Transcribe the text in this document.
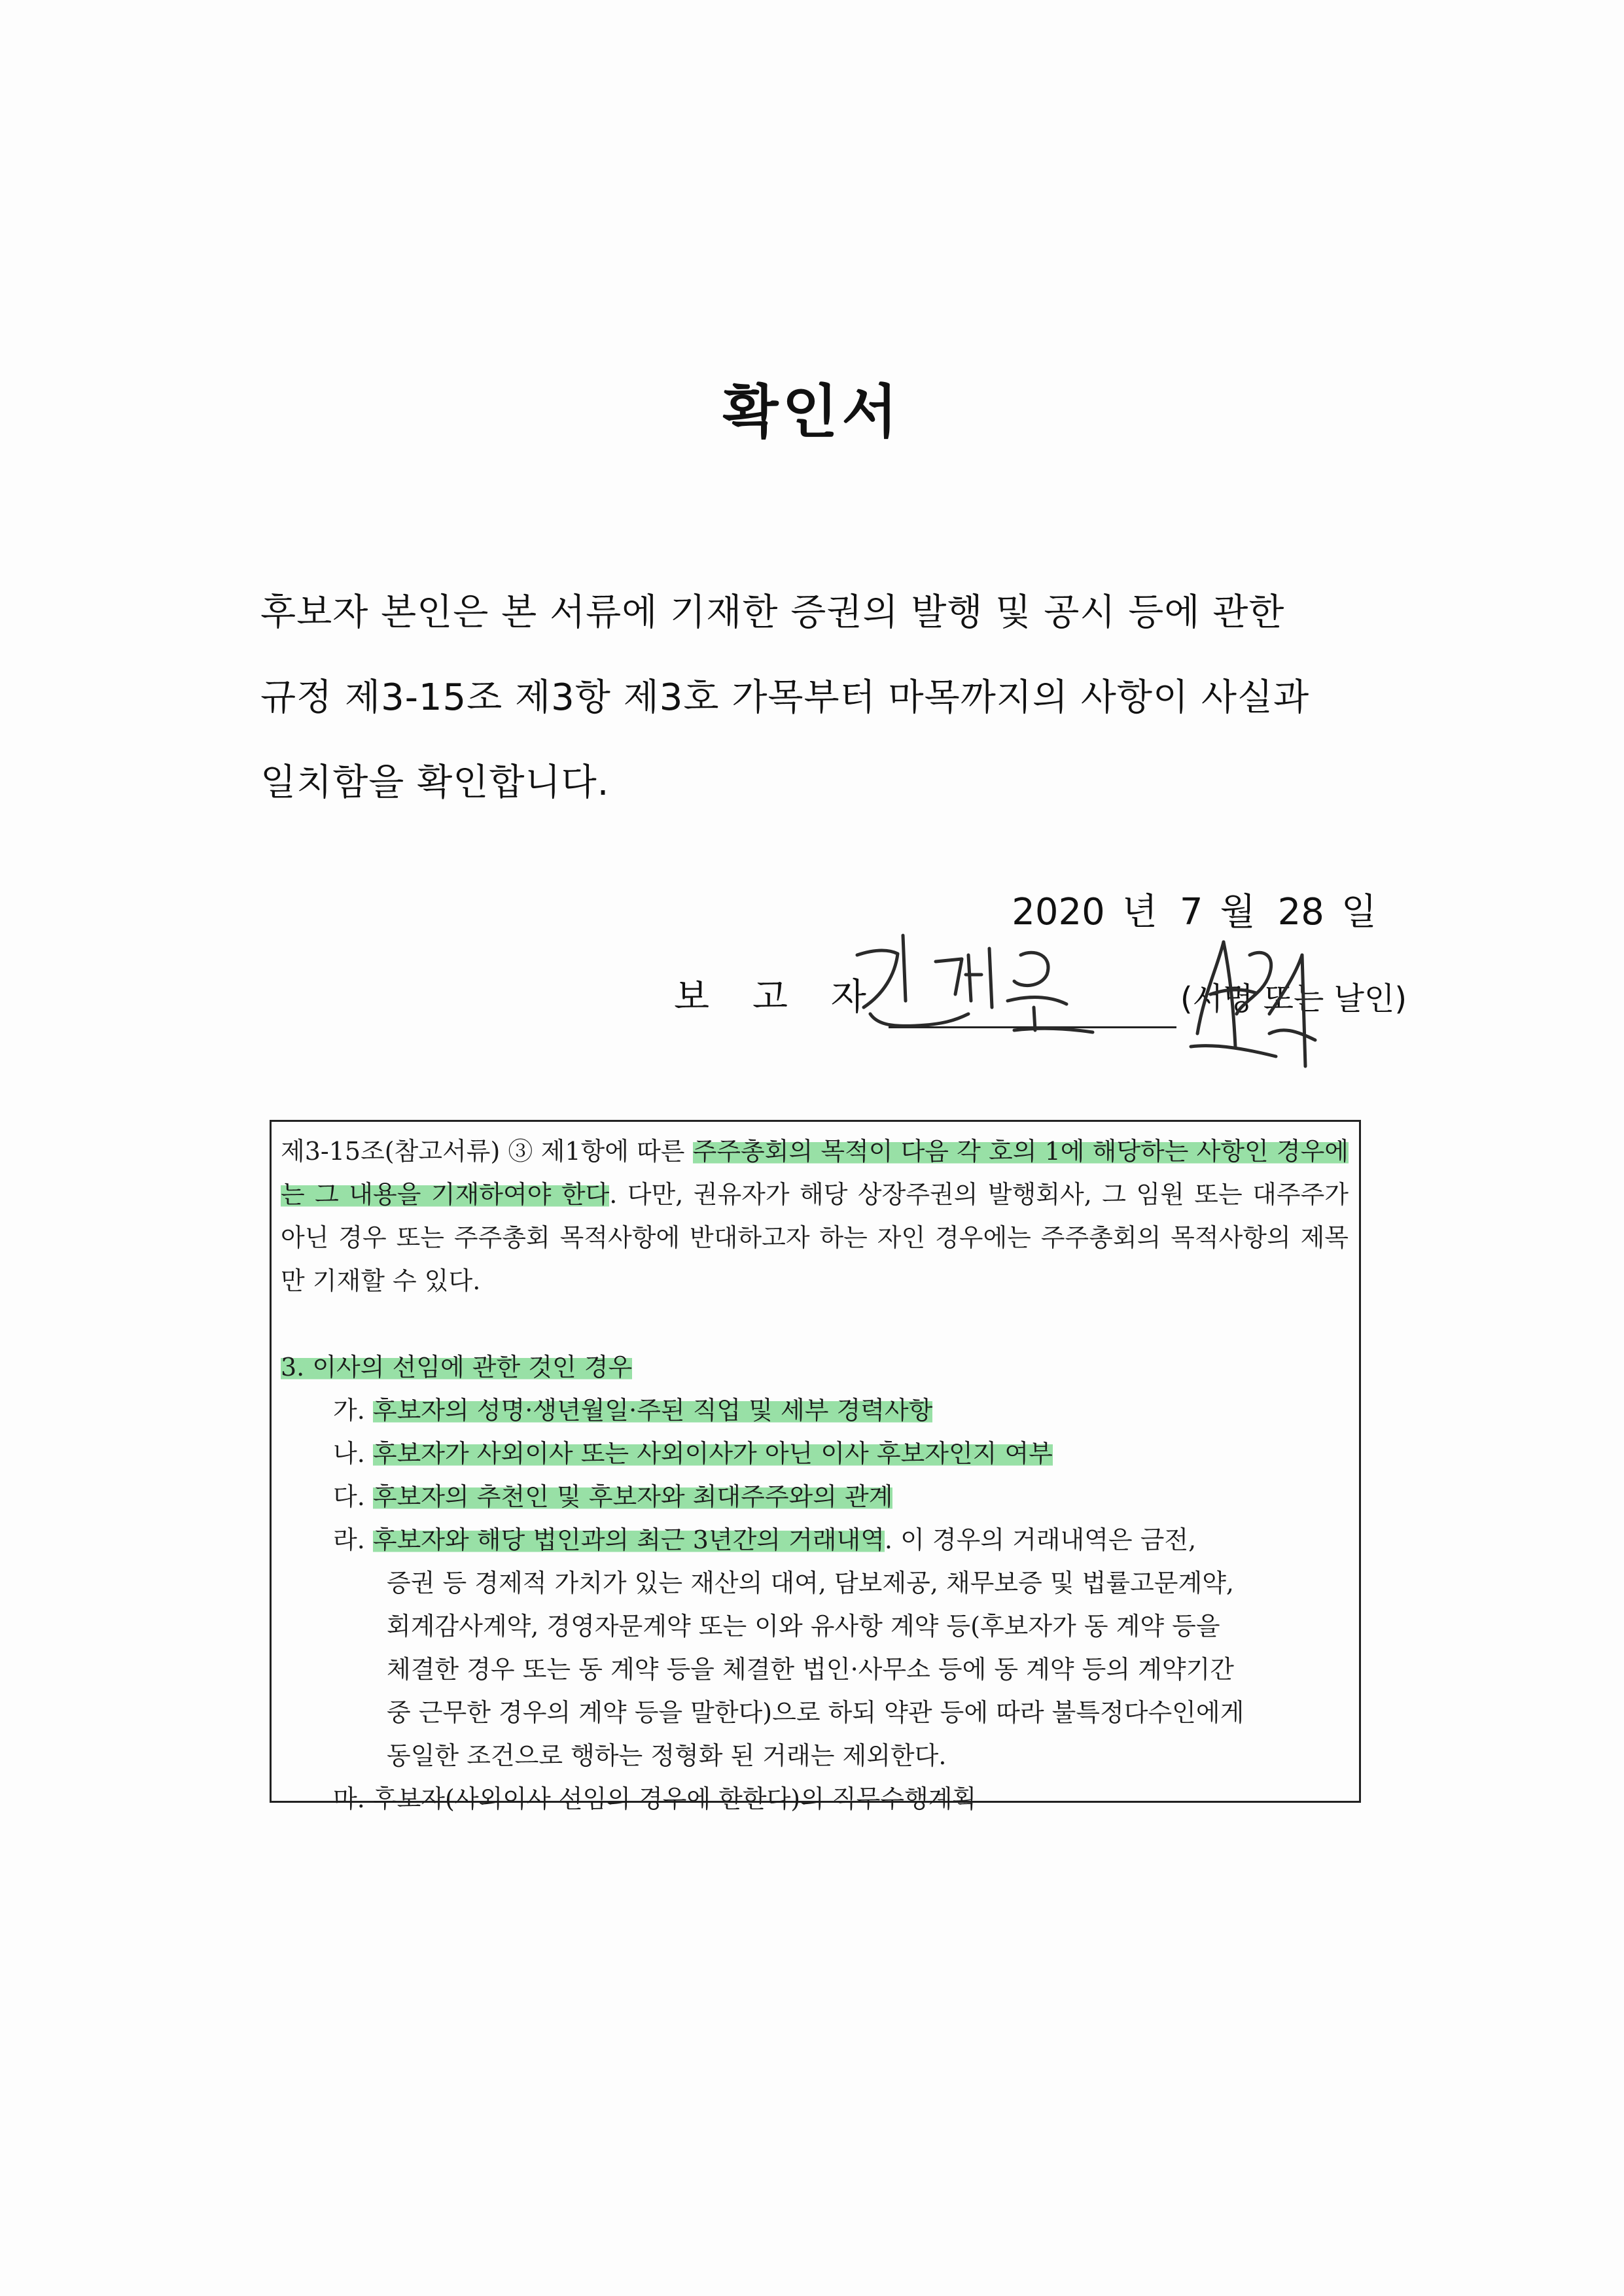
확인서
후보자 본인은 본 서류에 기재한 증권의 발행 및 공시 등에 관한
규정 제3-15조 제3항 제3호 가목부터 마목까지의 사항이 사실과
일치함을 확인합니다.
2020 년 7 월 28 일
보 고 자	(서명 또는 날인)
제3-15조(참고서류) ③ 제1항에 따른 주주총회의 목적이 다음 각 호의 1에 해당하는 사항인 경우에는 그 내용을 기재하여야 한다. 다만, 권유자가 해당 상장주권의 발행회사, 그 임원 또는 대주주가 아닌 경우 또는 주주총회 목적사항에 반대하고자 하는 자인 경우에는 주주총회의 목적사항의 제목만 기재할 수 있다.
3. 이사의 선임에 관한 것인 경우
가. 후보자의 성명·생년월일·주된 직업 및 세부 경력사항
나. 후보자가 사외이사 또는 사외이사가 아닌 이사 후보자인지 여부
다. 후보자의 추천인 및 후보자와 최대주주와의 관계
라. 후보자와 해당 법인과의 최근 3년간의 거래내역. 이 경우의 거래내역은 금전,
증권 등 경제적 가치가 있는 재산의 대여, 담보제공, 채무보증 및 법률고문계약,
회계감사계약, 경영자문계약 또는 이와 유사항 계약 등(후보자가 동 계약 등을
체결한 경우 또는 동 계약 등을 체결한 법인·사무소 등에 동 계약 등의 계약기간
중 근무한 경우의 계약 등을 말한다)으로 하되 약관 등에 따라 불특정다수인에게
동일한 조건으로 행하는 정형화 된 거래는 제외한다.
마. 후보자(사외이사 선임의 경우에 한한다)의 직무수행계획
